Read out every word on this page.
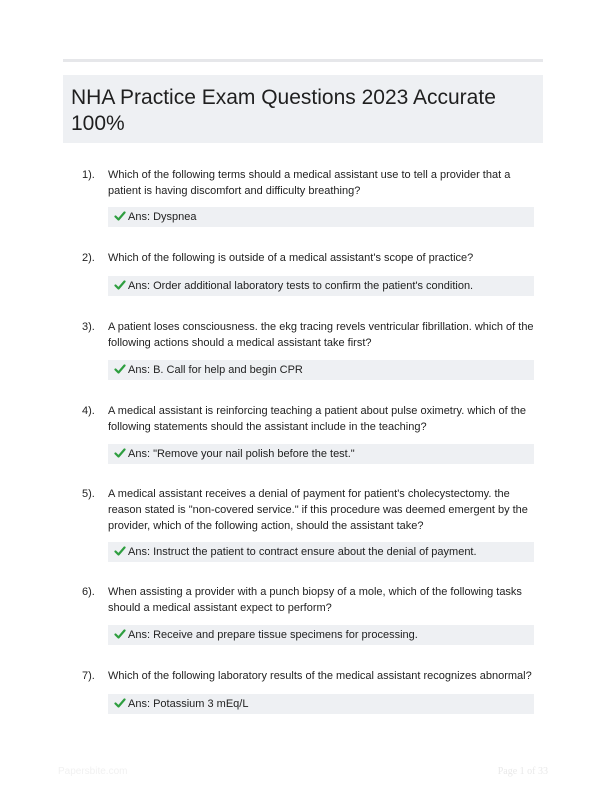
NHA Practice Exam Questions 2023 Accurate 100%
1). Which of the following terms should a medical assistant use to tell a provider that a patient is having discomfort and difficulty breathing?
Ans: Dyspnea
2). Which of the following is outside of a medical assistant's scope of practice?
Ans: Order additional laboratory tests to confirm the patient's condition.
3). A patient loses consciousness. the ekg tracing revels ventricular fibrillation. which of the following actions should a medical assistant take first?
Ans: B. Call for help and begin CPR
4). A medical assistant is reinforcing teaching a patient about pulse oximetry. which of the following statements should the assistant include in the teaching?
Ans: "Remove your nail polish before the test."
5). A medical assistant receives a denial of payment for patient's cholecystectomy. the reason stated is "non-covered service." if this procedure was deemed emergent by the provider, which of the following action, should the assistant take?
Ans: Instruct the patient to contract ensure about the denial of payment.
6). When assisting a provider with a punch biopsy of a mole, which of the following tasks should a medical assistant expect to perform?
Ans: Receive and prepare tissue specimens for processing.
7). Which of the following laboratory results of the medical assistant recognizes abnormal?
Ans: Potassium 3 mEq/L
Papersbite.com	Page 1 of 33
